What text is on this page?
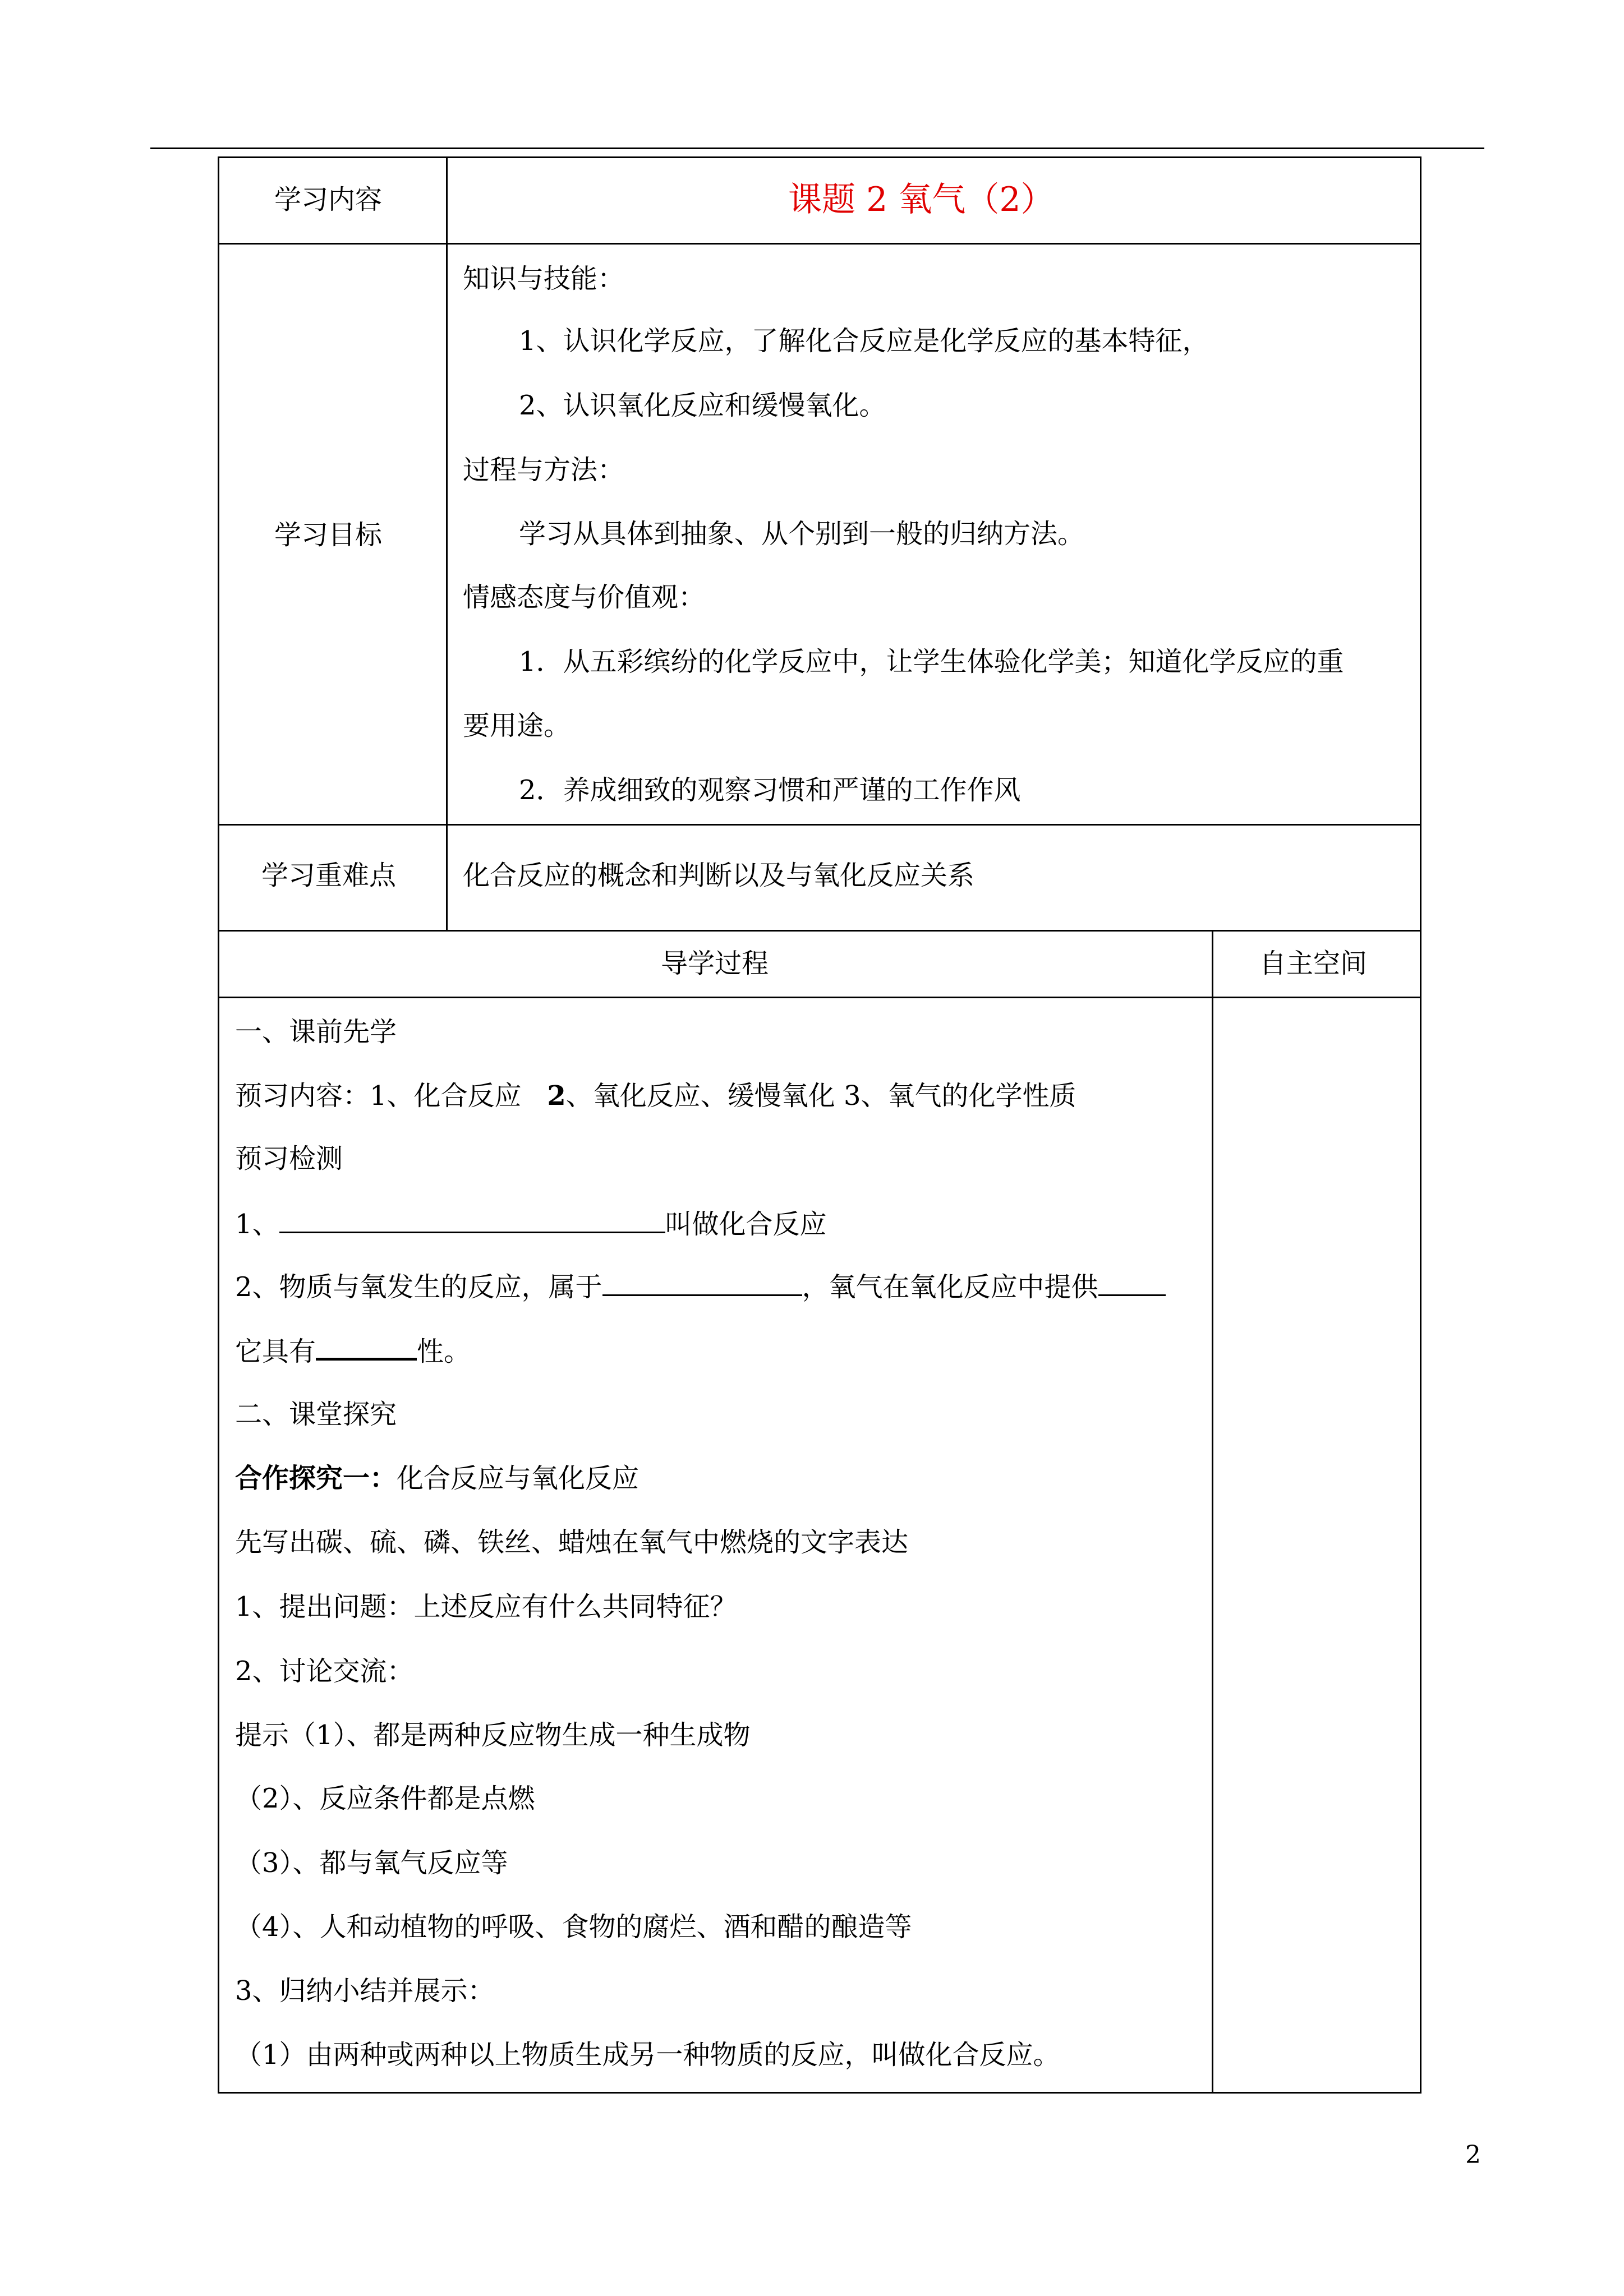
学习内容	课题 2 氧气（2）
学习目标
知识与技能：
1、认识化学反应，了解化合反应是化学反应的基本特征，
2、认识氧化反应和缓慢氧化。
过程与方法：
学习从具体到抽象、从个别到一般的归纳方法。
情感态度与价值观：
1．从五彩缤纷的化学反应中，让学生体验化学美；知道化学反应的重
要用途。
2．养成细致的观察习惯和严谨的工作作风
学习重难点 化合反应的概念和判断以及与氧化反应关系
导学过程	自主空间
一、课前先学
预习内容：1、化合反应 2、氧化反应、缓慢氧化 3、氧气的化学性质
预习检测
1、	叫做化合反应
2、物质与氧发生的反应，属于	，氧气在氧化反应中提供
它具有	性。
二、课堂探究
合作探究一：化合反应与氧化反应
先写出碳、硫、磷、铁丝、蜡烛在氧气中燃烧的文字表达
1、提出问题：上述反应有什么共同特征？
2、讨论交流：
提示（1）、都是两种反应物生成一种生成物
（2）、反应条件都是点燃
（3）、都与氧气反应等
（4）、人和动植物的呼吸、食物的腐烂、酒和醋的酿造等
3、归纳小结并展示：
（1）由两种或两种以上物质生成另一种物质的反应，叫做化合反应。
2
